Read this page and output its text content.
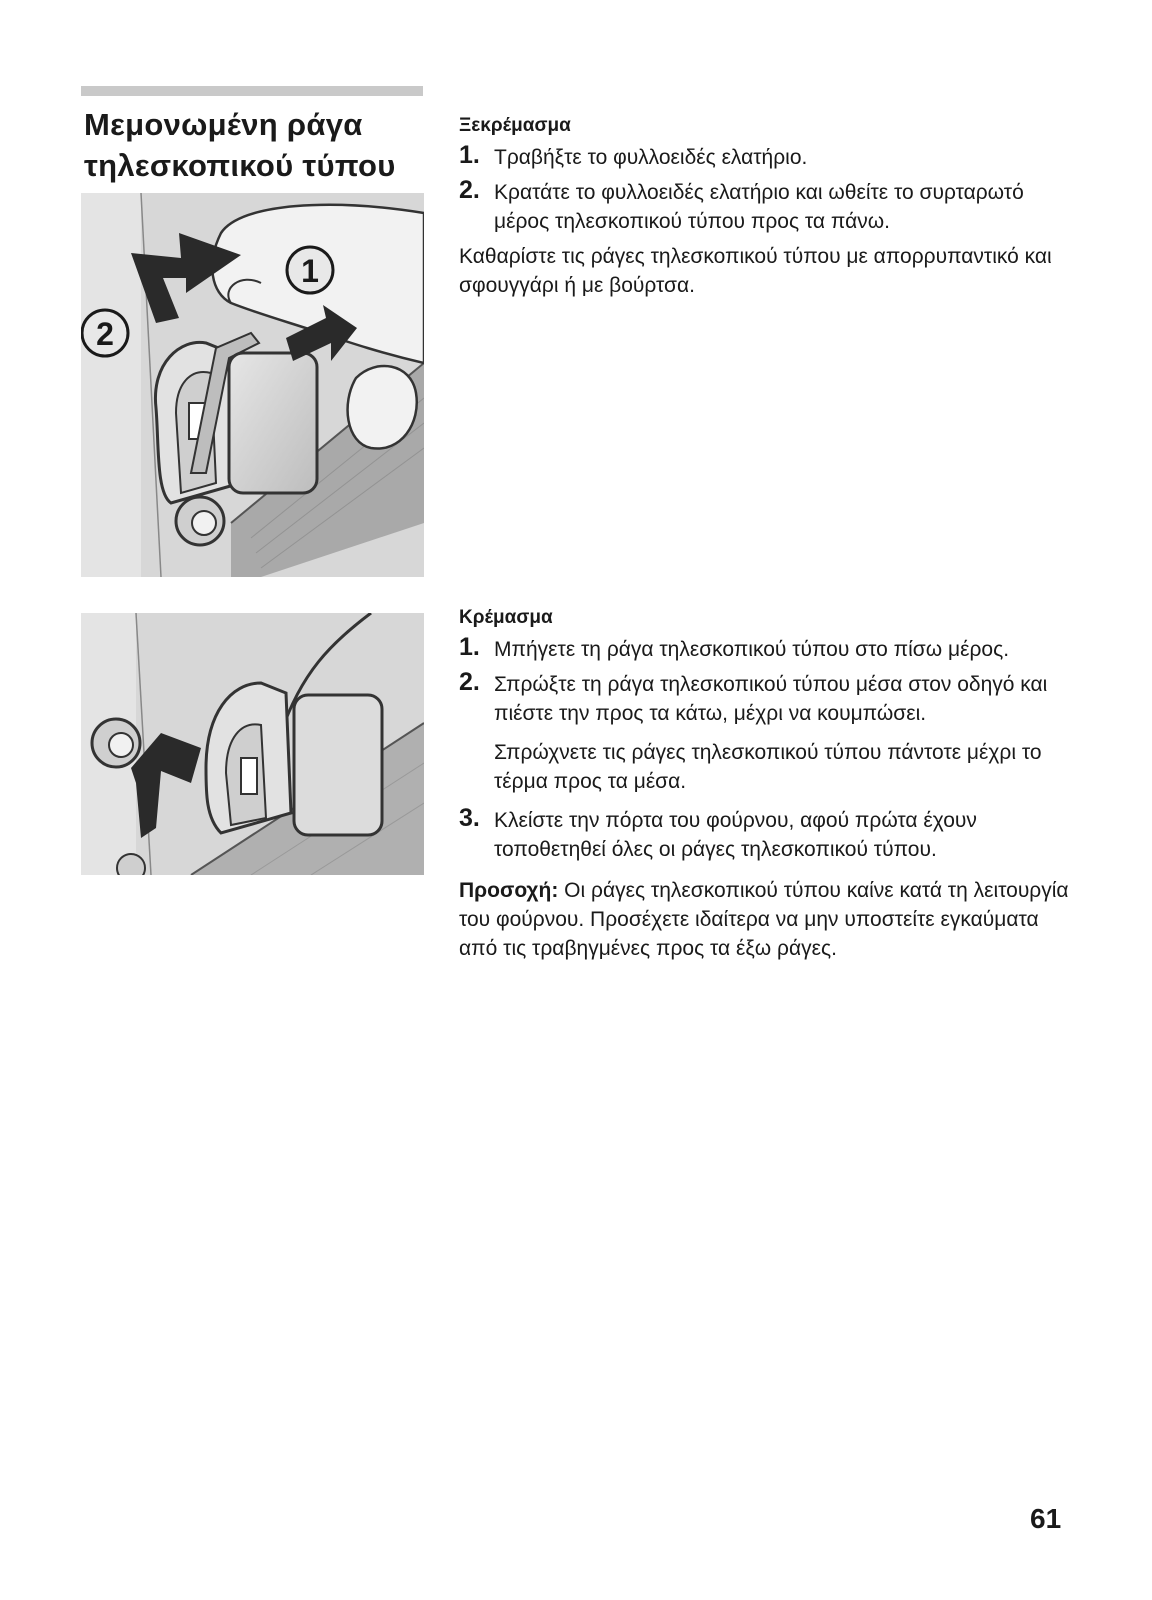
Μεμονωμένη ράγα
τηλεσκοπικού τύπου
1
2
Ξεκρέμασμα
1. Τραβήξτε το φυλλοειδές ελατήριο.
2. Κρατάτε το φυλλοειδές ελατήριο και ωθείτε το συρταρωτό μέρος τηλεσκοπικού τύπου προς τα πάνω.
Καθαρίστε τις ράγες τηλεσκοπικού τύπου με απορρυπαντικό και σφουγγάρι ή με βούρτσα.
Κρέμασμα
1. Μπήγετε τη ράγα τηλεσκοπικού τύπου στο πίσω μέρος.
2. Σπρώξτε τη ράγα τηλεσκοπικού τύπου μέσα στον οδηγό και πιέστε την προς τα κάτω, μέχρι να κουμπώσει.
Σπρώχνετε τις ράγες τηλεσκοπικού τύπου πάντοτε μέχρι το τέρμα προς τα μέσα.
3. Κλείστε την πόρτα του φούρνου, αφού πρώτα έχουν τοποθετηθεί όλες οι ράγες τηλεσκοπικού τύπου.
Προσοχή: Οι ράγες τηλεσκοπικού τύπου καίνε κατά τη λειτουργία του φούρνου. Προσέχετε ιδαίτερα να μην υποστείτε εγκαύματα από τις τραβηγμένες προς τα έξω ράγες.
61
